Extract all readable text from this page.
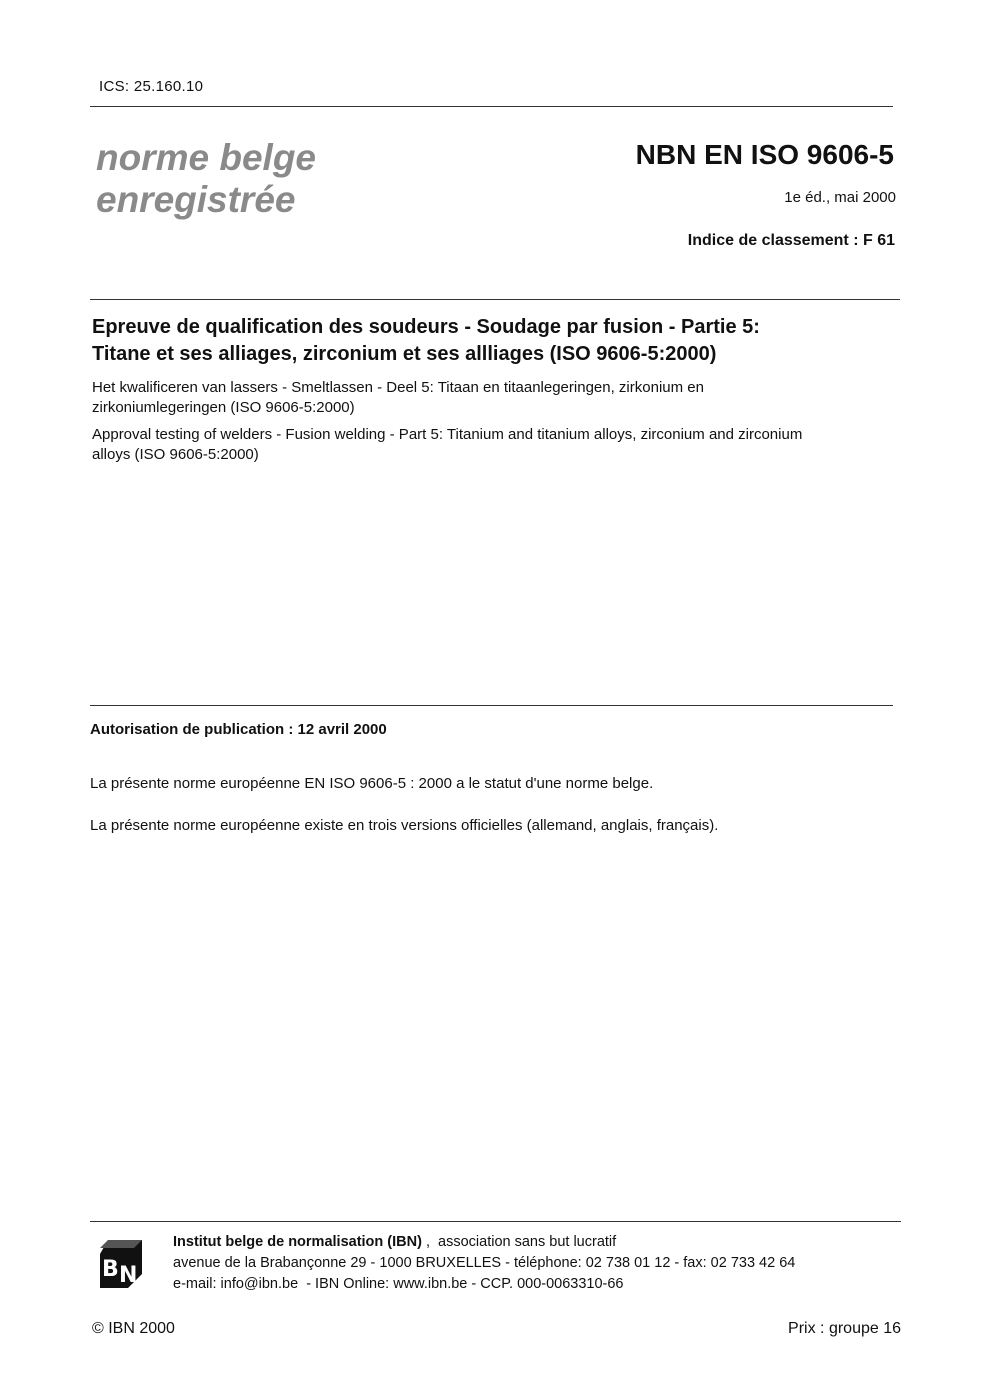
ICS: 25.160.10
norme belge
enregistrée
NBN EN ISO 9606-5
1e éd., mai 2000
Indice de classement : F 61
Epreuve de qualification des soudeurs - Soudage par fusion - Partie 5:
Titane et ses alliages, zirconium et ses allliages (ISO 9606-5:2000)
Het kwalificeren van lassers - Smeltlassen - Deel 5: Titaan en titaanlegeringen, zirkonium en
zirkoniumlegeringen (ISO 9606-5:2000)
Approval testing of welders - Fusion welding - Part 5: Titanium and titanium alloys, zirconium and zirconium
alloys (ISO 9606-5:2000)
Autorisation de publication : 12 avril 2000
La présente norme européenne EN ISO 9606-5 : 2000 a le statut d'une norme belge.
La présente norme européenne existe en trois versions officielles (allemand, anglais, français).
B N
Institut belge de normalisation (IBN) ,  association sans but lucratif
avenue de la Brabançonne 29 - 1000 BRUXELLES - téléphone: 02 738 01 12 - fax: 02 733 42 64
e-mail: info@ibn.be  - IBN Online: www.ibn.be - CCP. 000-0063310-66
© IBN 2000	Prix : groupe 16
